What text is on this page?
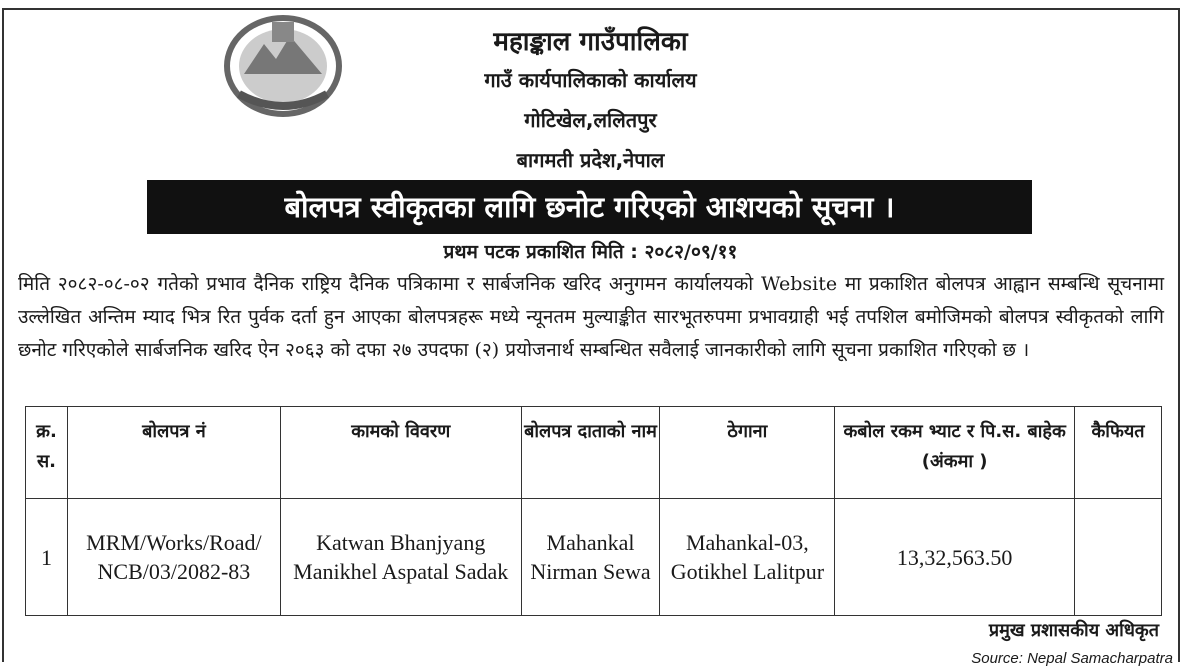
महाङ्काल गाउँपालिका
गाउँ कार्यपालिकाको कार्यालय
गोटिखेल,ललितपुर
बागमती प्रदेश,नेपाल
बोलपत्र स्वीकृतका लागि छनोट गरिएको आशयको सूचना ।
प्रथम पटक प्रकाशित मिति : २०८२/०९/११
मिति २०८२-०८-०२ गतेको प्रभाव दैनिक राष्ट्रिय दैनिक पत्रिकामा र सार्बजनिक खरिद अनुगमन कार्यालयको Website मा प्रकाशित बोलपत्र आह्वान सम्बन्धि सूचनामा उल्लेखित अन्तिम म्याद भित्र रित पुर्वक दर्ता हुन आएका बोलपत्रहरू मध्ये न्यूनतम मुल्याङ्कीत सारभूतरुपमा प्रभावग्राही भई तपशिल बमोजिमको बोलपत्र स्वीकृतको लागि छनोट गरिएकोले सार्बजनिक खरिद ऐन २०६३ को दफा २७ उपदफा (२) प्रयोजनार्थ सम्बन्धित सवैलाई जानकारीको लागि सूचना प्रकाशित गरिएको छ ।
क्र. स.	बोलपत्र नं	कामको विवरण	बोलपत्र दाताको नाम	ठेगाना	कबोल रकम भ्याट र पि.स. बाहेक (अंकमा )	कैफियत
1	MRM/Works/Road/ NCB/03/2082-83	Katwan Bhanjyang Manikhel Aspatal Sadak	Mahankal Nirman Sewa	Mahankal-03, Gotikhel Lalitpur	13,32,563.50	
प्रमुख प्रशासकीय अधिकृत
Source: Nepal Samacharpatra
